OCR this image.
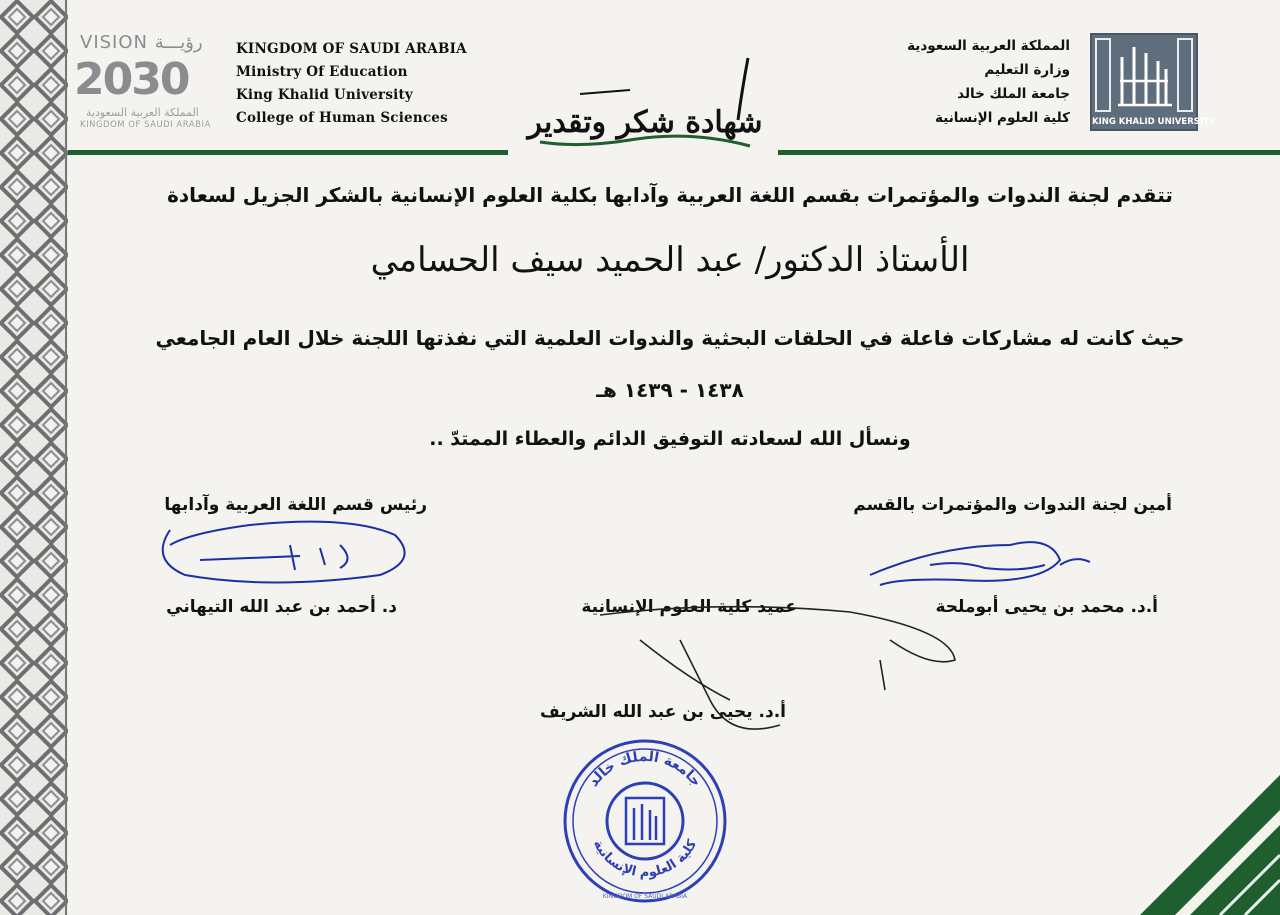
VISION رؤيـــة
2030
المملكة العربية السعودية
KINGDOM OF SAUDI ARABIA
KINGDOM OF SAUDI ARABIA
Ministry Of Education
King Khalid University
College of Human Sciences	شهادة شكر وتقدير
المملكة العربية السعودية
وزارة التعليم
جامعة الملك خالد
كلية العلوم الإنسانية	KING KHALID UNIVERSITY
تتقدم لجنة الندوات والمؤتمرات بقسم اللغة العربية وآدابها بكلية العلوم الإنسانية بالشكر الجزيل لسعادة
الأستاذ الدكتور/ عبد الحميد سيف الحسامي
حيث كانت له مشاركات فاعلة في الحلقات البحثية والندوات العلمية التي نفذتها اللجنة خلال العام الجامعي
١٤٣٨ - ١٤٣٩ هـ
ونسأل الله لسعادته التوفيق الدائم والعطاء الممتدّ ..
رئيس قسم اللغة العربية وآدابها
د. أحمد بن عبد الله التيهاني
أمين لجنة الندوات والمؤتمرات بالقسم
أ.د. محمد بن يحيى أبوملحة
عميد كلية العلوم الإنسانية
أ.د. يحيى بن عبد الله الشريف
جامعة الملك خالد
كلية العلوم الإنسانية
KINGDOM OF SAUDI ARABIA
